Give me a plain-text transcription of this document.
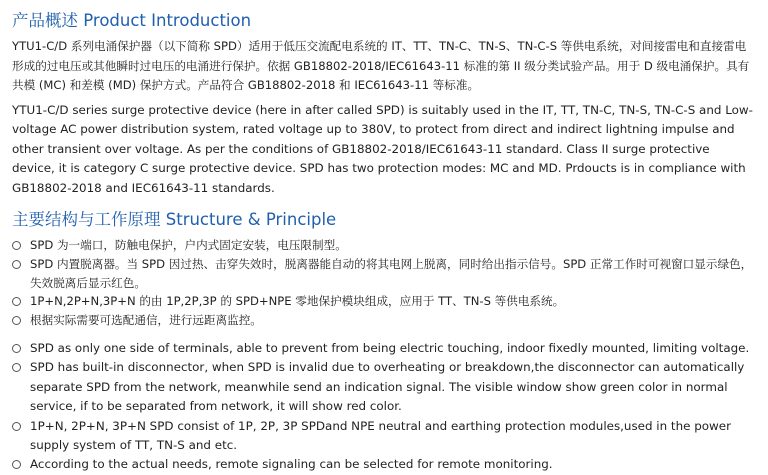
产品概述 Product Introduction

YTU1-C/D 系列电涌保护器（以下简称 SPD）适用于低压交流配电系统的 IT、TT、TN-C、TN-S、TN-C-S 等供电系统，对间接雷电和直接雷电形成的过电压或其他瞬时过电压的电涌进行保护。依据 GB18802-2018/IEC61643-11 标准的第 II 级分类试验产品。用于 D 级电涌保护。具有共模 (MC) 和差模 (MD) 保护方式。产品符合 GB18802-2018 和 IEC61643-11 等标准。

YTU1-C/D series surge protective device (here in after called SPD) is suitably used in the IT, TT, TN-C, TN-S, TN-C-S and Low-voltage AC power distribution system, rated voltage up to 380V, to protect from direct and indirect lightning impulse and other transient over voltage. As per the conditions of GB18802-2018/IEC61643-11 standard. Class II surge protective device, it is category C surge protective device. SPD has two protection modes: MC and MD. Prdoucts is in compliance with GB18802-2018 and IEC61643-11 standards.

主要结构与工作原理 Structure & Principle
SPD 为一端口，防触电保护，户内式固定安装，电压限制型。
SPD 内置脱离器。当 SPD 因过热、击穿失效时，脱离器能自动的将其电网上脱离，同时给出指示信号。SPD 正常工作时可视窗口显示绿色，失效脱离后显示红色。
1P+N,2P+N,3P+N 的由 1P,2P,3P 的 SPD+NPE 零地保护模块组成，应用于 TT、TN-S 等供电系统。
根据实际需要可选配通信，进行远距离监控。
SPD as only one side of terminals, able to prevent from being electric touching, indoor fixedly mounted, limiting voltage.
SPD has built-in disconnector, when SPD is invalid due to overheating or breakdown,the disconnector can automatically separate SPD from the network, meanwhile send an indication signal. The visible window show green color in normal service, if to be separated from network, it will show red color.
1P+N, 2P+N, 3P+N SPD consist of 1P, 2P, 3P SPDand NPE neutral and earthing protection modules,used in the power supply system of TT, TN-S and etc.
According to the actual needs, remote signaling can be selected for remote monitoring.
